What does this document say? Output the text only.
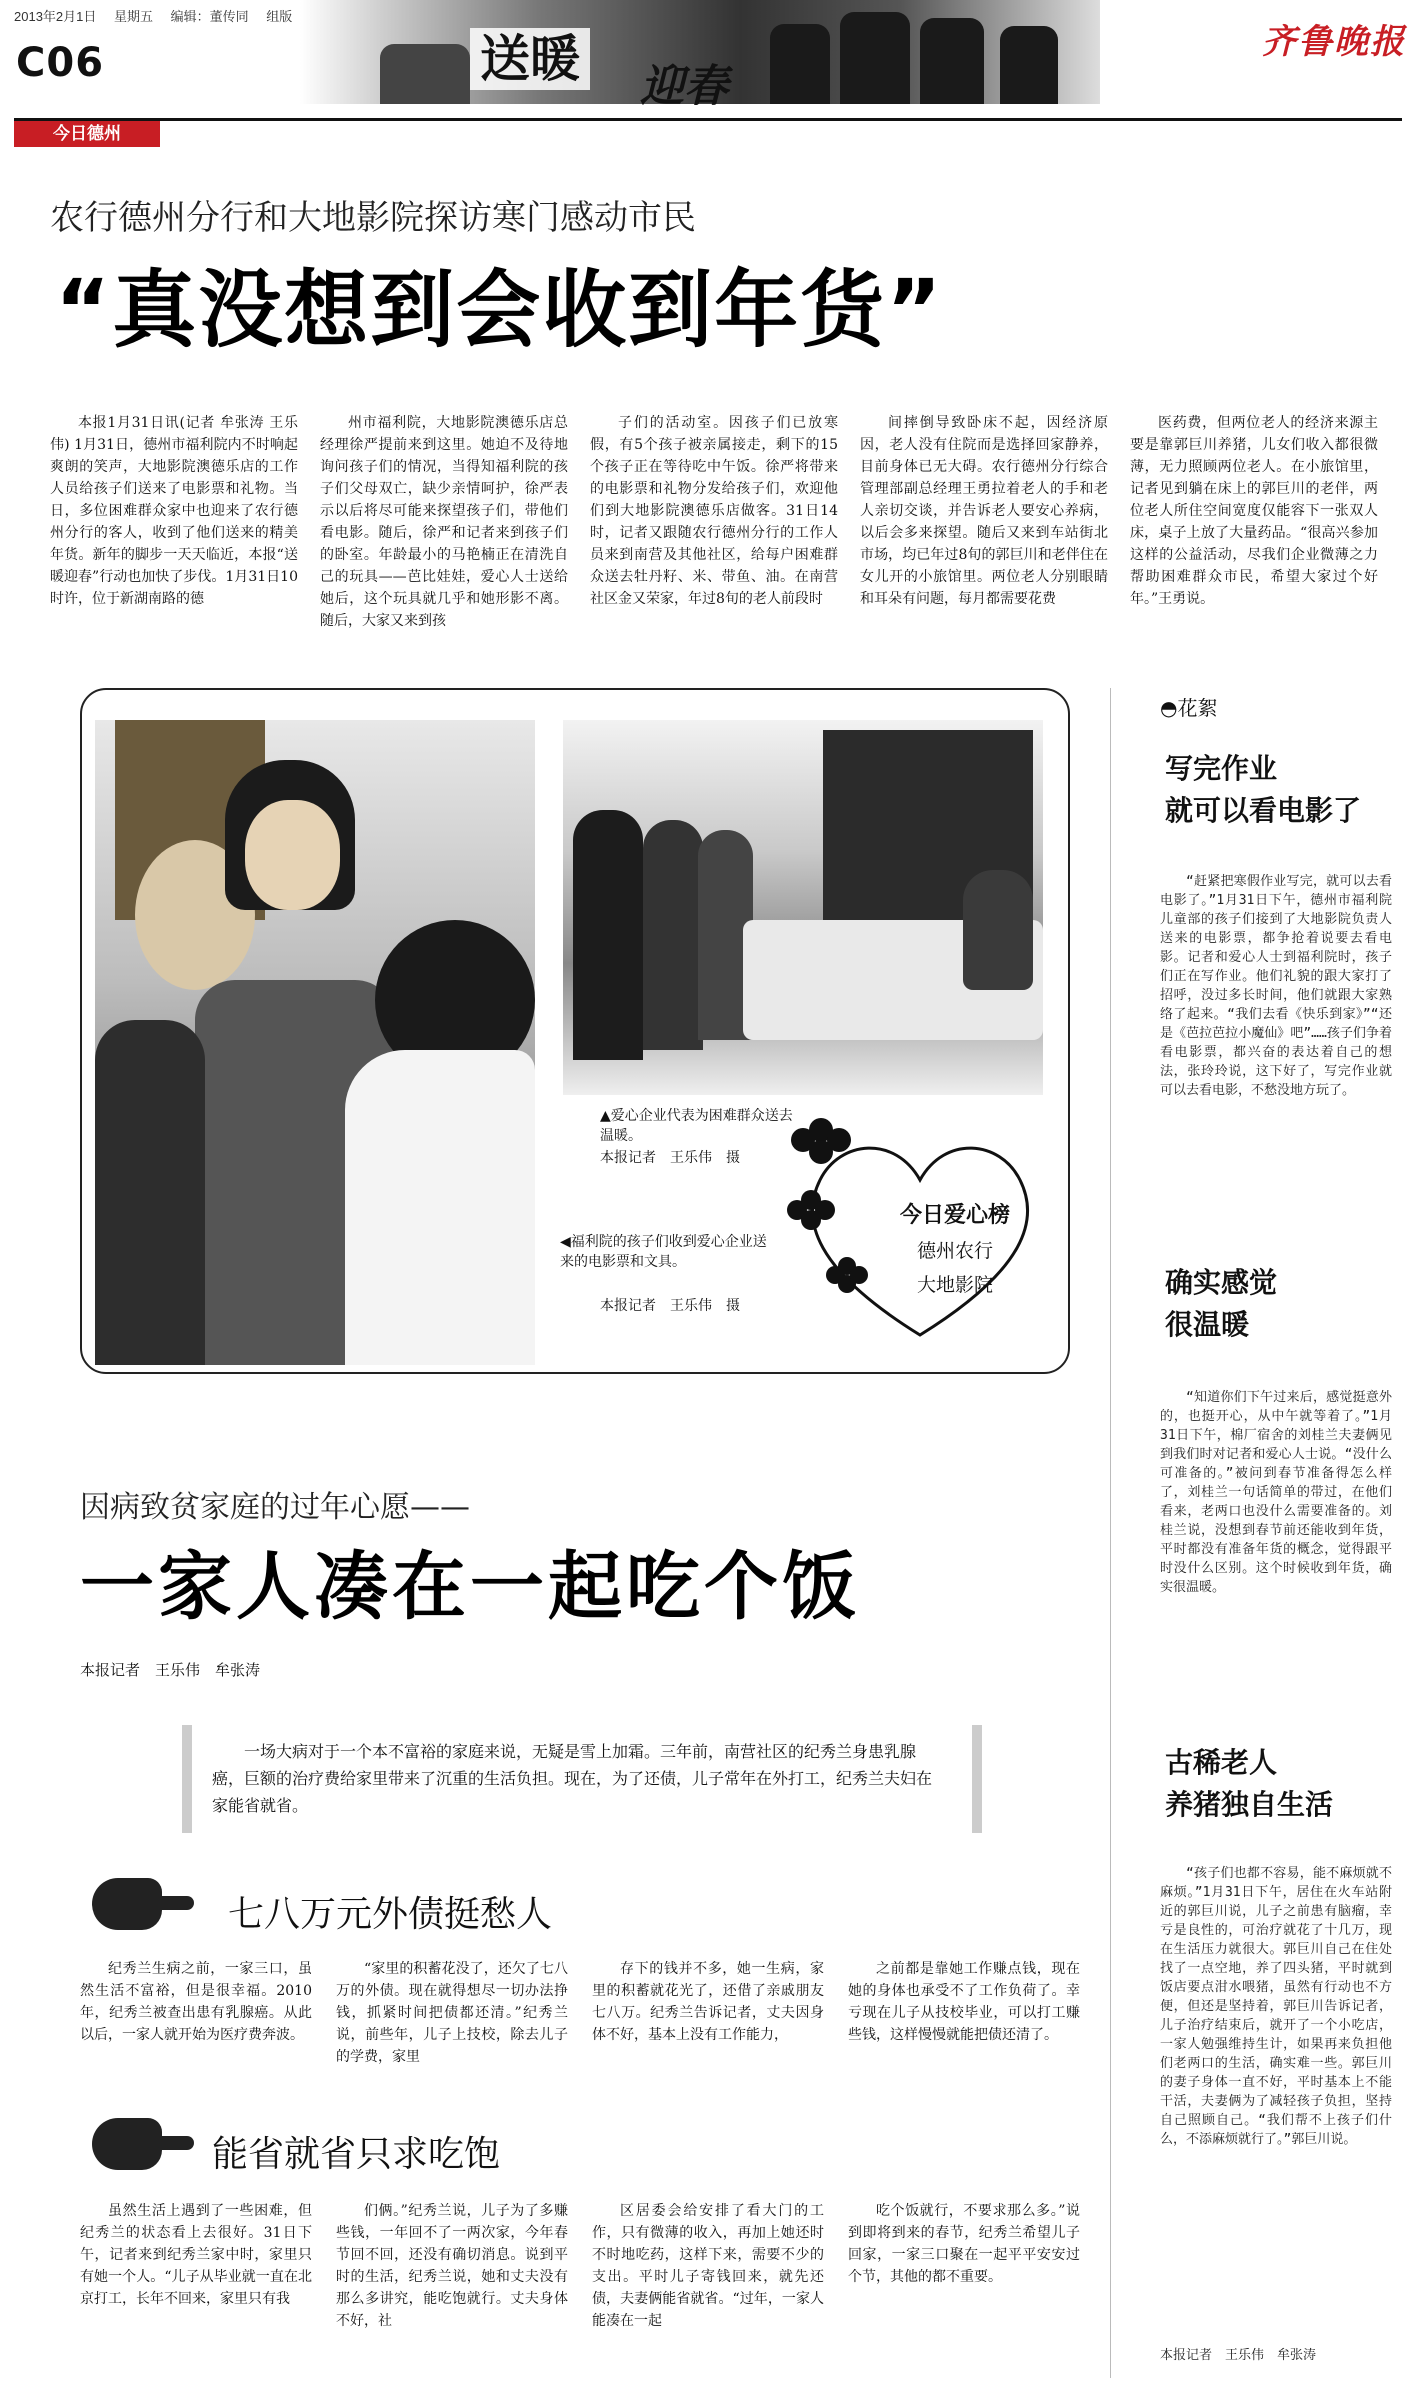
2013年2月1日 星期五 编辑：董传同 组版
C06	送暖 迎春
齐鲁晚报
今日德州
农行德州分行和大地影院探访寒门感动市民
“真没想到会收到年货”

本报1月31日讯(记者 牟张涛 王乐伟) 1月31日，德州市福利院内不时响起爽朗的笑声，大地影院澳德乐店的工作人员给孩子们送来了电影票和礼物。当日，多位困难群众家中也迎来了农行德州分行的客人，收到了他们送来的精美年货。新年的脚步一天天临近，本报“送暖迎春”行动也加快了步伐。1月31日10时许，位于新湖南路的德

州市福利院，大地影院澳德乐店总经理徐严提前来到这里。她迫不及待地询问孩子们的情况，当得知福利院的孩子们父母双亡，缺少亲情呵护，徐严表示以后将尽可能来探望孩子们，带他们看电影。随后，徐严和记者来到孩子们的卧室。年龄最小的马艳楠正在清洗自己的玩具——芭比娃娃，爱心人士送给她后，这个玩具就几乎和她形影不离。随后，大家又来到孩

子们的活动室。因孩子们已放寒假，有5个孩子被亲属接走，剩下的15个孩子正在等待吃中午饭。徐严将带来的电影票和礼物分发给孩子们，欢迎他们到大地影院澳德乐店做客。31日14时，记者又跟随农行德州分行的工作人员来到南营及其他社区，给每户困难群众送去牡丹籽、米、带鱼、油。在南营社区金又荣家，年过8旬的老人前段时

间摔倒导致卧床不起，因经济原因，老人没有住院而是选择回家静养，目前身体已无大碍。农行德州分行综合管理部副总经理王勇拉着老人的手和老人亲切交谈，并告诉老人要安心养病，以后会多来探望。随后又来到车站街北市场，均已年过8旬的郭巨川和老伴住在女儿开的小旅馆里。两位老人分别眼睛和耳朵有问题，每月都需要花费

医药费，但两位老人的经济来源主要是靠郭巨川养猪，儿女们收入都很微薄，无力照顾两位老人。在小旅馆里，记者见到躺在床上的郭巨川的老伴，两位老人所住空间宽度仅能容下一张双人床，桌子上放了大量药品。“很高兴参加这样的公益活动，尽我们企业微薄之力帮助困难群众市民，希望大家过个好年。”王勇说。

▲爱心企业代表为困难群众送去温暖。
本报记者　王乐伟　摄
◀福利院的孩子们收到爱心企业送来的电影票和文具。
本报记者　王乐伟　摄
今日爱心榜
德州农行
大地影院
◓花絮
写完作业
就可以看电影了

“赶紧把寒假作业写完，就可以去看电影了。”1月31日下午，德州市福利院儿童部的孩子们接到了大地影院负责人送来的电影票，都争抢着说要去看电影。记者和爱心人士到福利院时，孩子们正在写作业。他们礼貌的跟大家打了招呼，没过多长时间，他们就跟大家熟络了起来。“我们去看《快乐到家》”“还是《芭拉芭拉小魔仙》吧”……孩子们争着看电影票，都兴奋的表达着自己的想法，张玲玲说，这下好了，写完作业就可以去看电影，不愁没地方玩了。

确实感觉
很温暖

“知道你们下午过来后，感觉挺意外的，也挺开心，从中午就等着了。”1月31日下午，棉厂宿舍的刘桂兰夫妻俩见到我们时对记者和爱心人士说。“没什么可准备的。”被问到春节准备得怎么样了，刘桂兰一句话简单的带过，在他们看来，老两口也没什么需要准备的。刘桂兰说，没想到春节前还能收到年货，平时都没有准备年货的概念，觉得跟平时没什么区别。这个时候收到年货，确实很温暖。

古稀老人
养猪独自生活

“孩子们也都不容易，能不麻烦就不麻烦。”1月31日下午，居住在火车站附近的郭巨川说，儿子之前患有脑瘤，幸亏是良性的，可治疗就花了十几万，现在生活压力就很大。郭巨川自己在住处找了一点空地，养了四头猪，平时就到饭店要点泔水喂猪，虽然有行动也不方便，但还是坚持着，郭巨川告诉记者，儿子治疗结束后，就开了一个小吃店，一家人勉强维持生计，如果再来负担他们老两口的生活，确实难一些。郭巨川的妻子身体一直不好，平时基本上不能干活，夫妻俩为了减轻孩子负担，坚持自己照顾自己。“我们帮不上孩子们什么，不添麻烦就行了。”郭巨川说。

本报记者　王乐伟　牟张涛
因病致贫家庭的过年心愿——
一家人凑在一起吃个饭
本报记者　王乐伟　牟张涛
一场大病对于一个本不富裕的家庭来说，无疑是雪上加霜。三年前，南营社区的纪秀兰身患乳腺癌，巨额的治疗费给家里带来了沉重的生活负担。现在，为了还债，儿子常年在外打工，纪秀兰夫妇在家能省就省。
七八万元外债挺愁人

纪秀兰生病之前，一家三口，虽然生活不富裕，但是很幸福。2010年，纪秀兰被查出患有乳腺癌。从此以后，一家人就开始为医疗费奔波。

“家里的积蓄花没了，还欠了七八万的外债。现在就得想尽一切办法挣钱，抓紧时间把债都还清。”纪秀兰说，前些年，儿子上技校，除去儿子的学费，家里

存下的钱并不多，她一生病，家里的积蓄就花光了，还借了亲戚朋友七八万。纪秀兰告诉记者，丈夫因身体不好，基本上没有工作能力，

之前都是靠她工作赚点钱，现在她的身体也承受不了工作负荷了。幸亏现在儿子从技校毕业，可以打工赚些钱，这样慢慢就能把债还清了。

能省就省只求吃饱

虽然生活上遇到了一些困难，但纪秀兰的状态看上去很好。31日下午，记者来到纪秀兰家中时，家里只有她一个人。“儿子从毕业就一直在北京打工，长年不回来，家里只有我

们俩。”纪秀兰说，儿子为了多赚些钱，一年回不了一两次家，今年春节回不回，还没有确切消息。说到平时的生活，纪秀兰说，她和丈夫没有那么多讲究，能吃饱就行。丈夫身体不好，社

区居委会给安排了看大门的工作，只有微薄的收入，再加上她还时不时地吃药，这样下来，需要不少的支出。平时儿子寄钱回来，就先还债，夫妻俩能省就省。“过年，一家人能凑在一起

吃个饭就行，不要求那么多。”说到即将到来的春节，纪秀兰希望儿子回家，一家三口聚在一起平平安安过个节，其他的都不重要。
